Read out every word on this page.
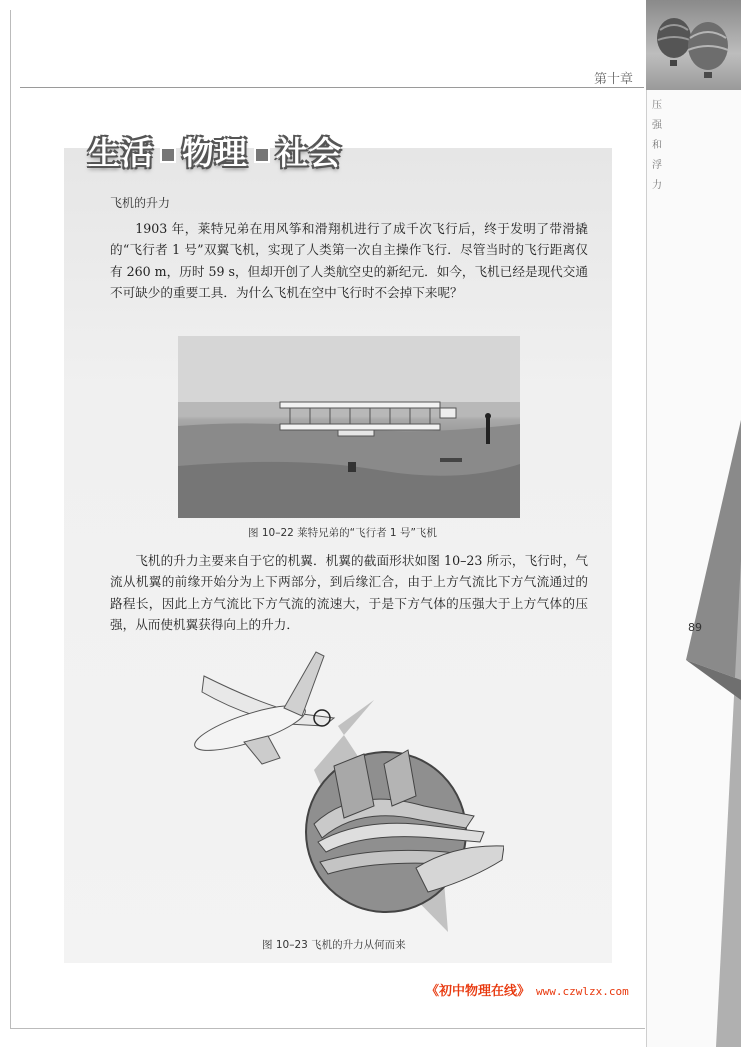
压强和浮力
89
第十章
生活 物理 社会
飞机的升力

1903 年，莱特兄弟在用风筝和滑翔机进行了成千次飞行后，终于发明了带滑撬的“飞行者 1 号”双翼飞机，实现了人类第一次自主操作飞行．尽管当时的飞行距离仅有 260 m，历时 59 s，但却开创了人类航空史的新纪元．如今，飞机已经是现代交通不可缺少的重要工具．为什么飞机在空中飞行时不会掉下来呢？

图 10–22 莱特兄弟的“飞行者 1 号”飞机

飞机的升力主要来自于它的机翼．机翼的截面形状如图 10–23 所示，飞行时，气流从机翼的前缘开始分为上下两部分，到后缘汇合，由于上方气流比下方气流通过的路程长，因此上方气流比下方气流的流速大，于是下方气体的压强大于上方气体的压强，从而使机翼获得向上的升力．

图 10–23 飞机的升力从何而来
《初中物理在线》 www.czwlzx.com
